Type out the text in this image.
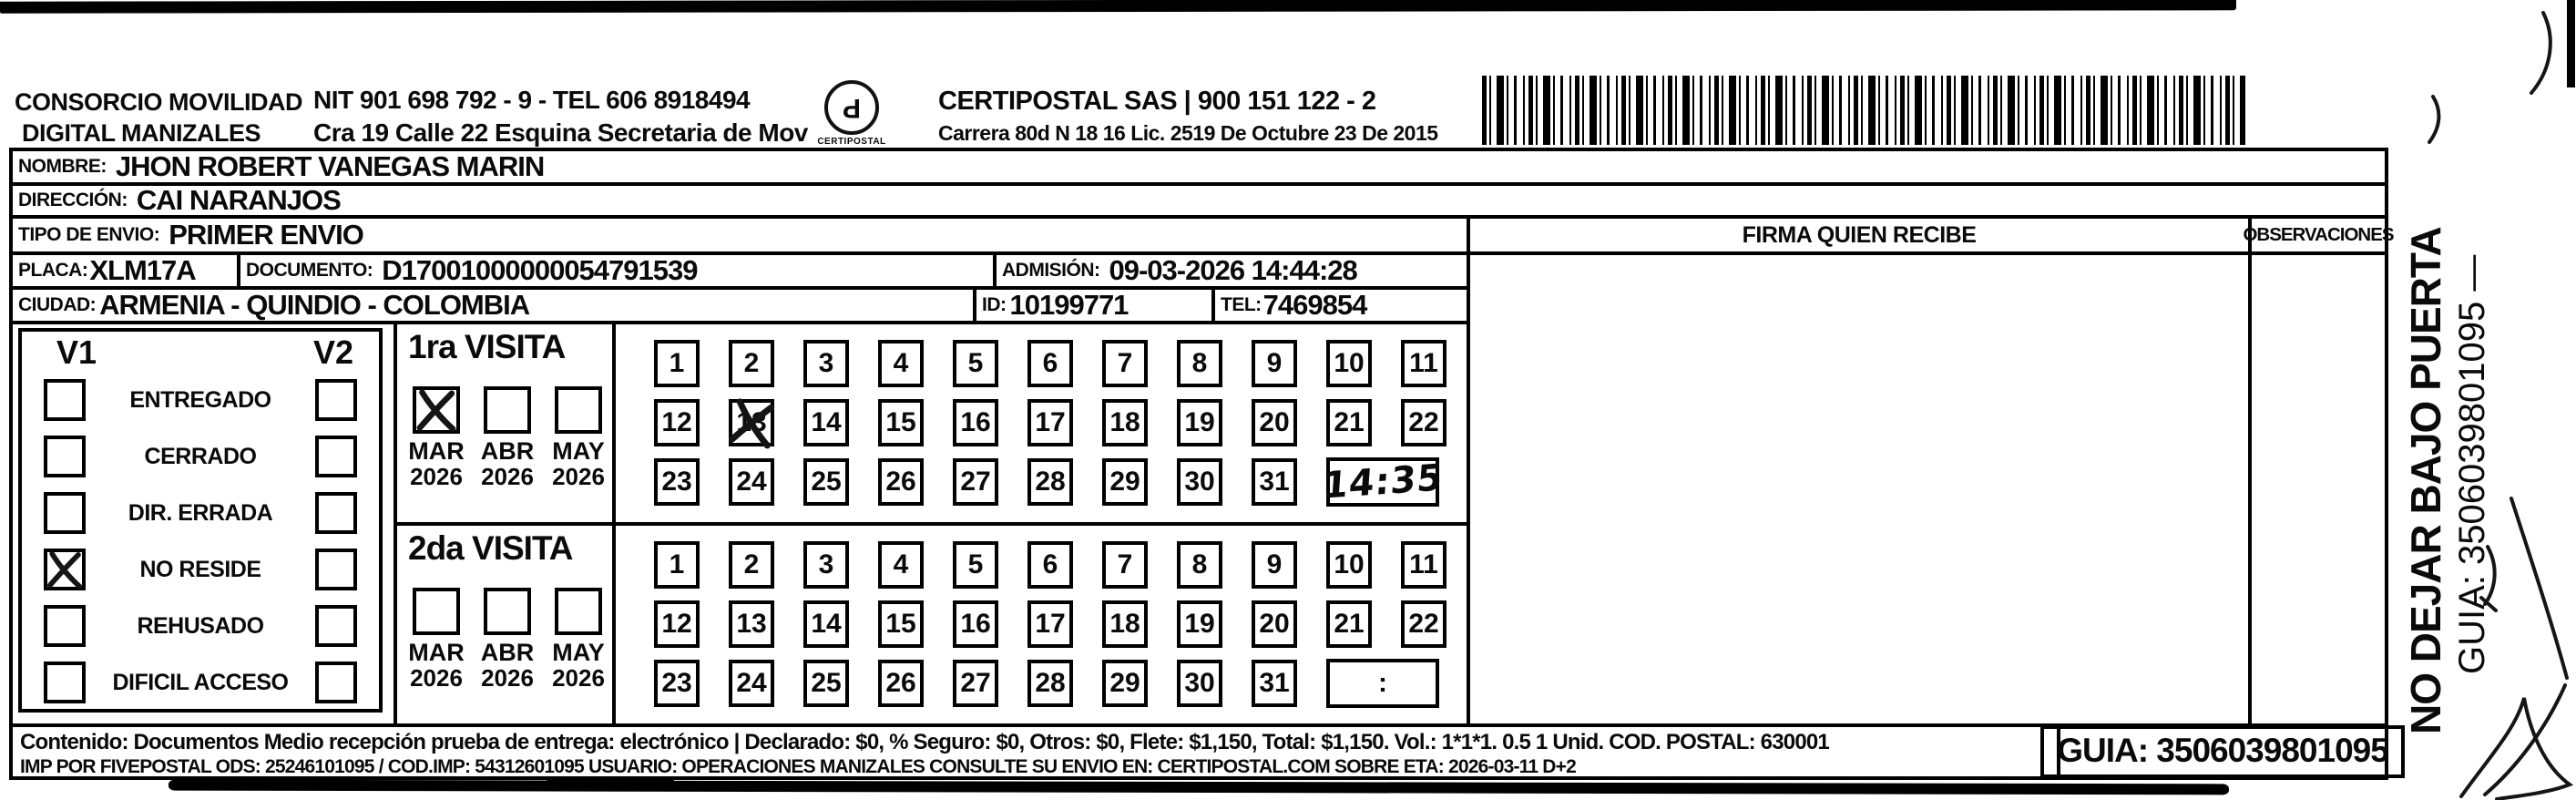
CONSORCIO MOVILIDAD
DIGITAL MANIZALES
NIT 901 698 792 - 9 - TEL 606 8918494
Cra 19 Calle 22 Esquina Secretaria de Mov
P
CERTIPOSTAL
CERTIPOSTAL SAS | 900 151 122 - 2
Carrera 80d N 18 16 Lic. 2519 De Octubre 23 De 2015
NOMBRE: JHON ROBERT VANEGAS MARIN
DIRECCIÓN: CAI NARANJOS
TIPO DE ENVIO: PRIMER ENVIO
PLACA: XLM17A	DOCUMENTO: D17001000000054791539	ADMISIÓN: 09-03-2026 14:44:28
CIUDAD: ARMENIA - QUINDIO - COLOMBIA	ID: 10199771	TEL: 7469854
V1	V2
ENTREGADO
CERRADO
DIR. ERRADA
NO RESIDE
REHUSADO
DIFICIL ACCESO
1ra VISITA
MAR
2026
ABR
2026
MAY
2026
1	2	3	4	5	6	7	8	9	10	11
12 13 14 15 16 17 18 19 20 21 22
23 24 25 26 27 28 29 30 31 14:35
2da VISITA
MAR
2026
ABR
2026
MAY
2026
1	2	3	4	5	6	7	8	9	10	11
12 13 14 15 16 17 18 19 20 21 22
23 24 25 26 27 28 29 30 31	:
FIRMA QUIEN RECIBE	OBSERVACIONES
Contenido: Documentos Medio recepción prueba de entrega: electrónico | Declarado: $0, % Seguro: $0, Otros: $0, Flete: $1,150, Total: $1,150. Vol.: 1*1*1. 0.5 1 Unid. COD. POSTAL: 630001
IMP POR FIVEPOSTAL ODS: 25246101095 / COD.IMP: 54312601095 USUARIO: OPERACIONES MANIZALES CONSULTE SU ENVIO EN: CERTIPOSTAL.COM SOBRE ETA: 2026-03-11 D+2	GUIA: 3506039801095
NO DEJAR BAJO PUERTA GUIA: 3506039801095 —
